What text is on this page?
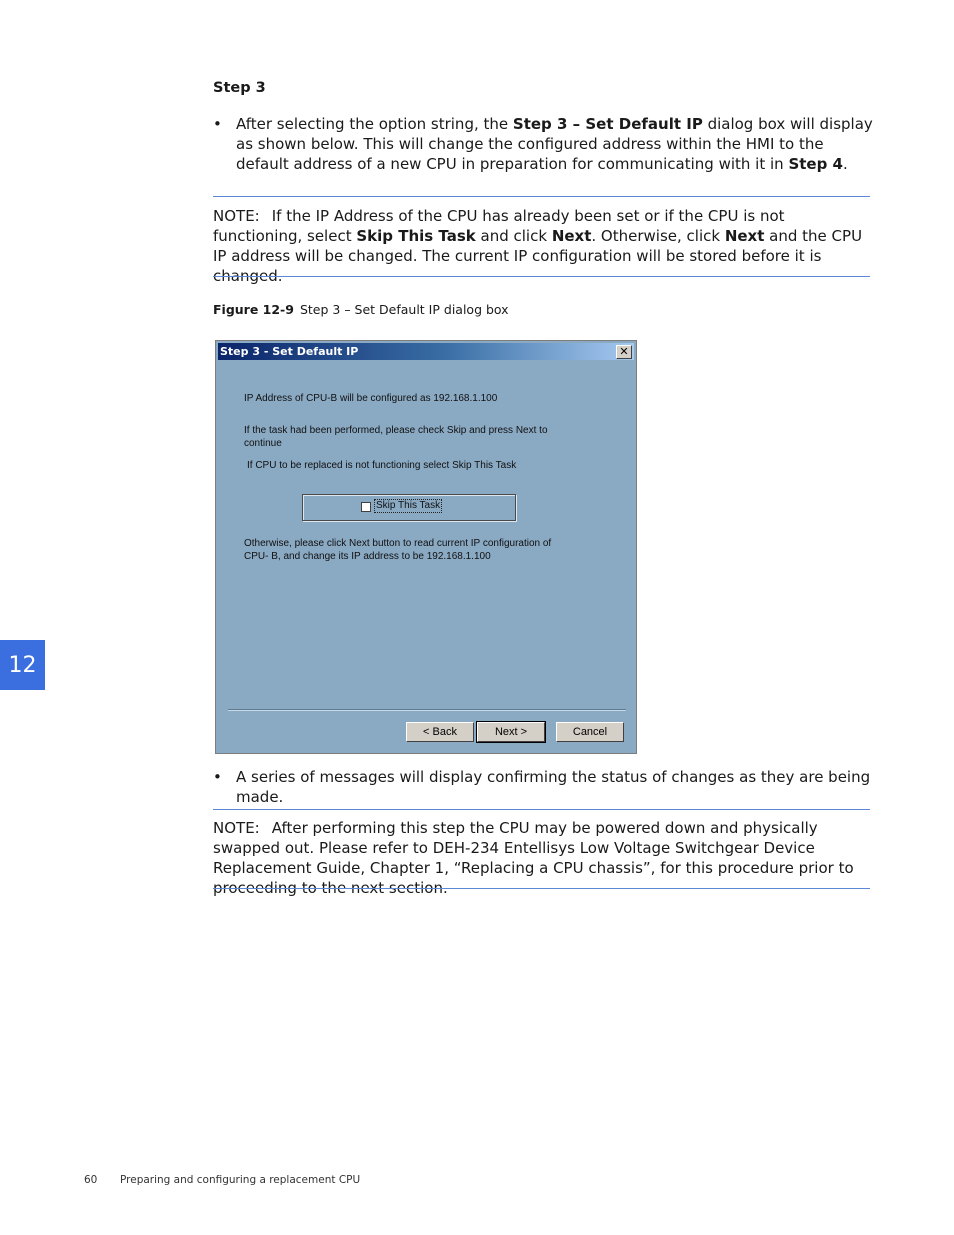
Step 3
• After selecting the option string, the Step 3 – Set Default IP dialog box will display as shown below. This will change the configured address within the HMI to the default address of a new CPU in preparation for communicating with it in Step 4.
NOTE: If the IP Address of the CPU has already been set or if the CPU is not functioning, select Skip This Task and click Next. Otherwise, click Next and the CPU IP address will be changed. The current IP configuration will be stored before it is changed.
Figure 12-9 Step 3 – Set Default IP dialog box
Step 3 - Set Default IP	✕
IP Address of CPU-B will be configured as 192.168.1.100
If the task had been performed, please check Skip and press Next to continue
If CPU to be replaced is not functioning select Skip This Task
Skip This Task
Otherwise, please click Next button to read current IP configuration of CPU- B, and change its IP address to be 192.168.1.100
< Back	Next >	Cancel
• A series of messages will display confirming the status of changes as they are being made.
NOTE: After performing this step the CPU may be powered down and physically swapped out. Please refer to DEH-234 Entellisys Low Voltage Switchgear Device Replacement Guide, Chapter 1, “Replacing a CPU chassis”, for this procedure prior to proceeding to the next section.
12
60 Preparing and configuring a replacement CPU
